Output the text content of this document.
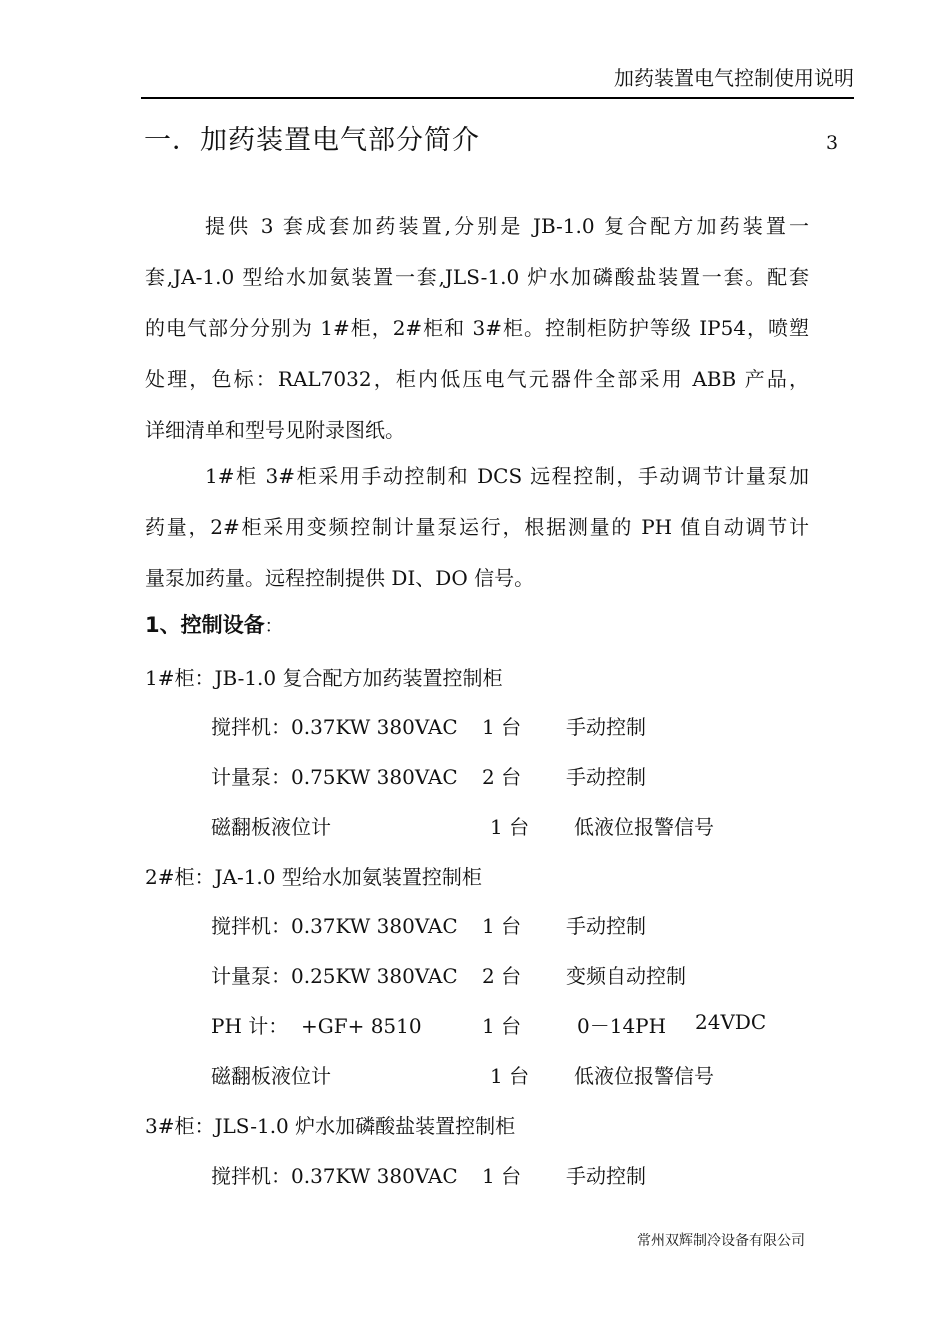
加药装置电气控制使用说明
一．加药装置电气部分简介	3
提供 3 套成套加药装置,分别是 JB-1.0 复合配方加药装置一
套,JA-1.0 型给水加氨装置一套,JLS-1.0 炉水加磷酸盐装置一套。配套
的电气部分分别为 1#柜，2#柜和 3#柜。控制柜防护等级 IP54，喷塑
处理，色标：RAL7032，柜内低压电气元器件全部采用 ABB 产品，
详细清单和型号见附录图纸。
1#柜 3#柜采用手动控制和 DCS 远程控制，手动调节计量泵加
药量，2#柜采用变频控制计量泵运行，根据测量的 PH 值自动调节计
量泵加药量。远程控制提供 DI、DO 信号。
1、控制设备：
1#柜：JB-1.0 复合配方加药装置控制柜
搅拌机：0.37KW 380VAC 1 台 手动控制
计量泵：0.75KW 380VAC 2 台 手动控制
磁翻板液位计	1 台 低液位报警信号
2#柜：JA-1.0 型给水加氨装置控制柜
搅拌机：0.37KW 380VAC 1 台 手动控制
计量泵：0.25KW 380VAC 2 台 变频自动控制
PH 计：  +GF+ 8510	1 台	0－14PH 24VDC
磁翻板液位计	1 台 低液位报警信号
3#柜：JLS-1.0 炉水加磷酸盐装置控制柜
搅拌机：0.37KW 380VAC 1 台 手动控制
常州双辉制冷设备有限公司
